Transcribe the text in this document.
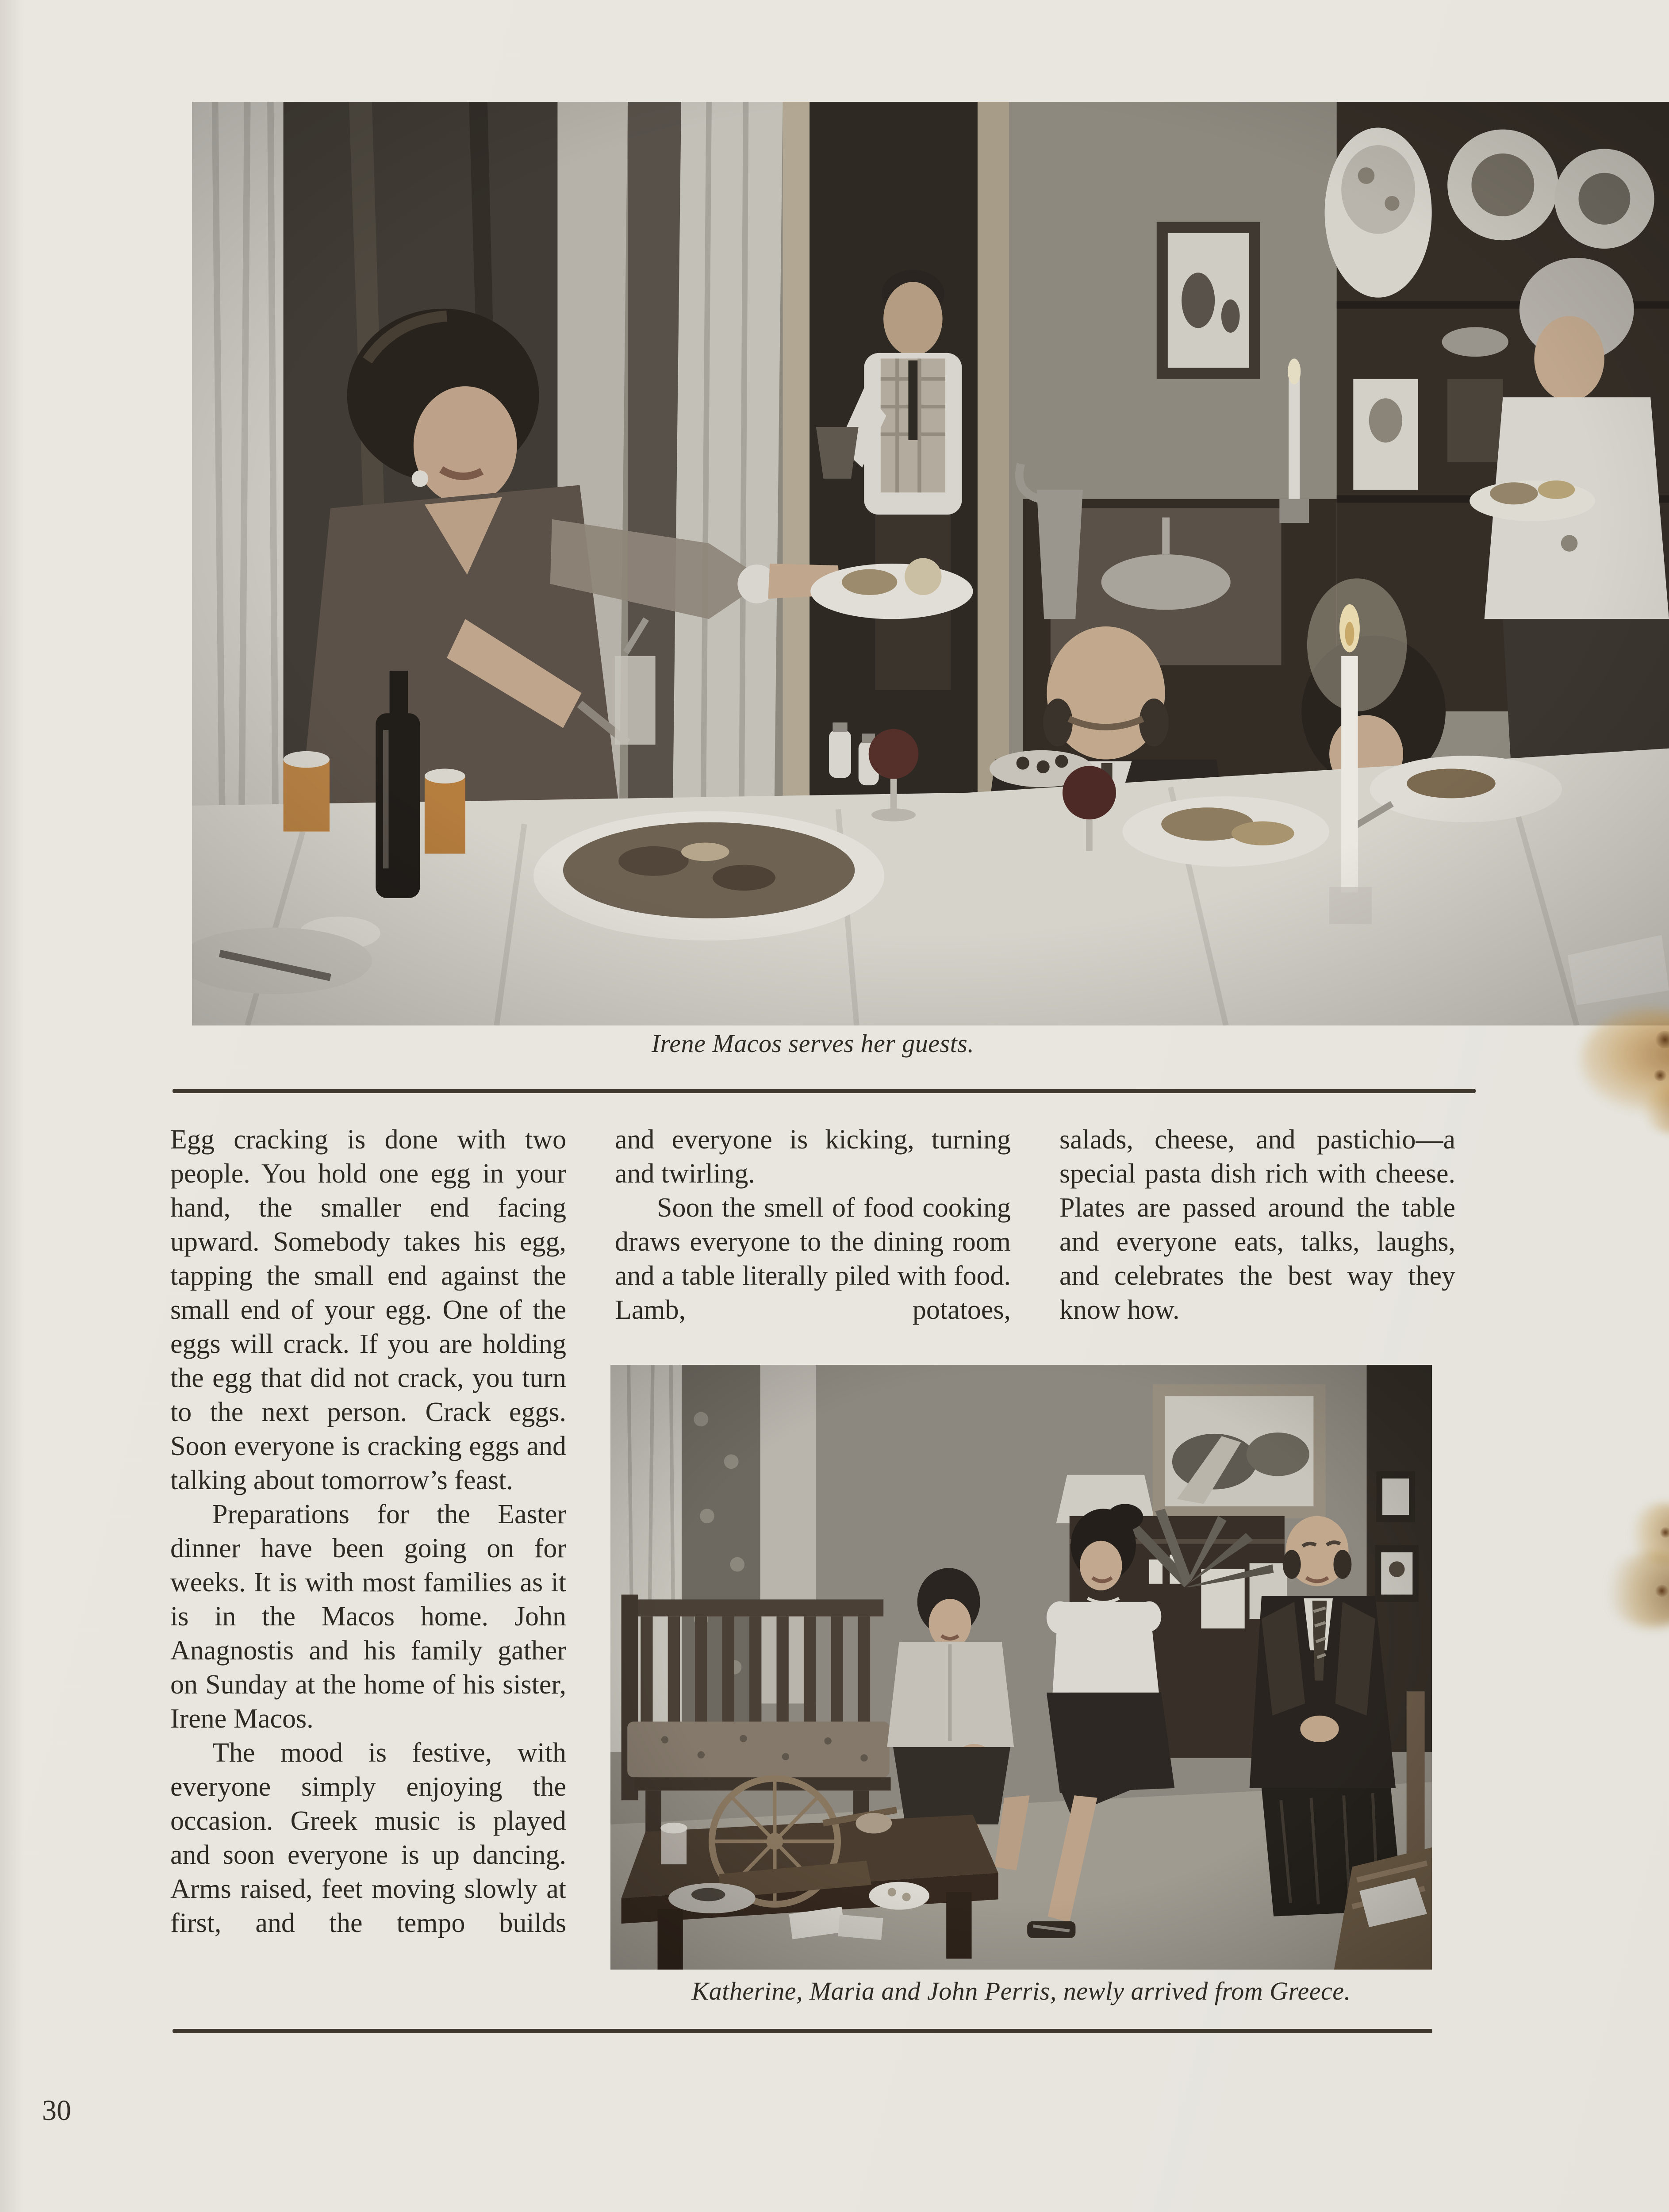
Irene Macos serves her guests.

Egg cracking is done with two people. You hold one egg in your hand, the smaller end facing upward. Somebody takes his egg, tapping the small end against the small end of your egg. One of the eggs will crack. If you are holding the egg that did not crack, you turn to the next person. Crack eggs. Soon everyone is cracking eggs and talking about tomorrow’s feast.

Preparations for the Easter dinner have been going on for weeks. It is with most families as it is in the Macos home. John Anagnostis and his family gather on Sunday at the home of his sister, Irene Macos.

The mood is festive, with everyone simply enjoying the occasion. Greek music is played and soon everyone is up dancing. Arms raised, feet moving slowly at first, and the tempo builds

and everyone is kicking, turning and twirling.

Soon the smell of food cooking draws everyone to the dining room and a table literally piled with food. Lamb, potatoes,

salads, cheese, and pastichio—a special pasta dish rich with cheese. Plates are passed around the table and everyone eats, talks, laughs, and celebrates the best way they know how.

Katherine, Maria and John Perris, newly arrived from Greece.
30
